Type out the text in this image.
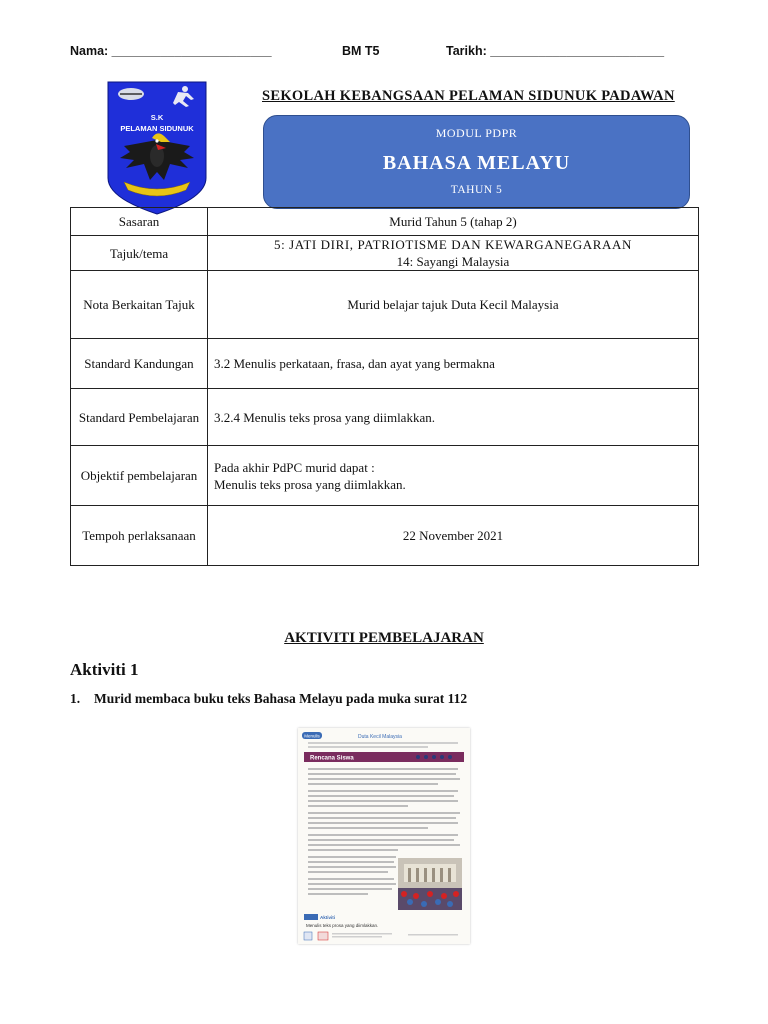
Nama: _______________________	BM T5	Tarikh: _________________________
S.K
PELAMAN SIDUNUK
SEKOLAH KEBANGSAAN PELAMAN SIDUNUK PADAWAN
MODUL PDPR
BAHASA MELAYU
TAHUN 5
Sasaran	Murid Tahun 5 (tahap 2)
Tajuk/tema	5: JATI DIRI, PATRIOTISME DAN KEWARGANEGARAAN
14: Sayangi Malaysia

Nota Berkaitan Tajuk	Murid belajar tajuk Duta Kecil Malaysia
Standard Kandungan	3.2 Menulis perkataan, frasa, dan ayat yang bermakna
Standard Pembelajaran	3.2.4 Menulis teks prosa yang diimlakkan.
Objektif pembelajaran	Pada akhir PdPC murid dapat :
Menulis teks prosa yang diimlakkan.

Tempoh perlaksanaan	22 November 2021
AKTIVITI PEMBELAJARAN
Aktiviti 1
1. Murid membaca buku teks Bahasa Melayu pada muka surat 112
Menulis	Duta Kecil Malaysia
Rencana Siswa
Aktiviti
Menulis teks prosa yang diimlakkan.
